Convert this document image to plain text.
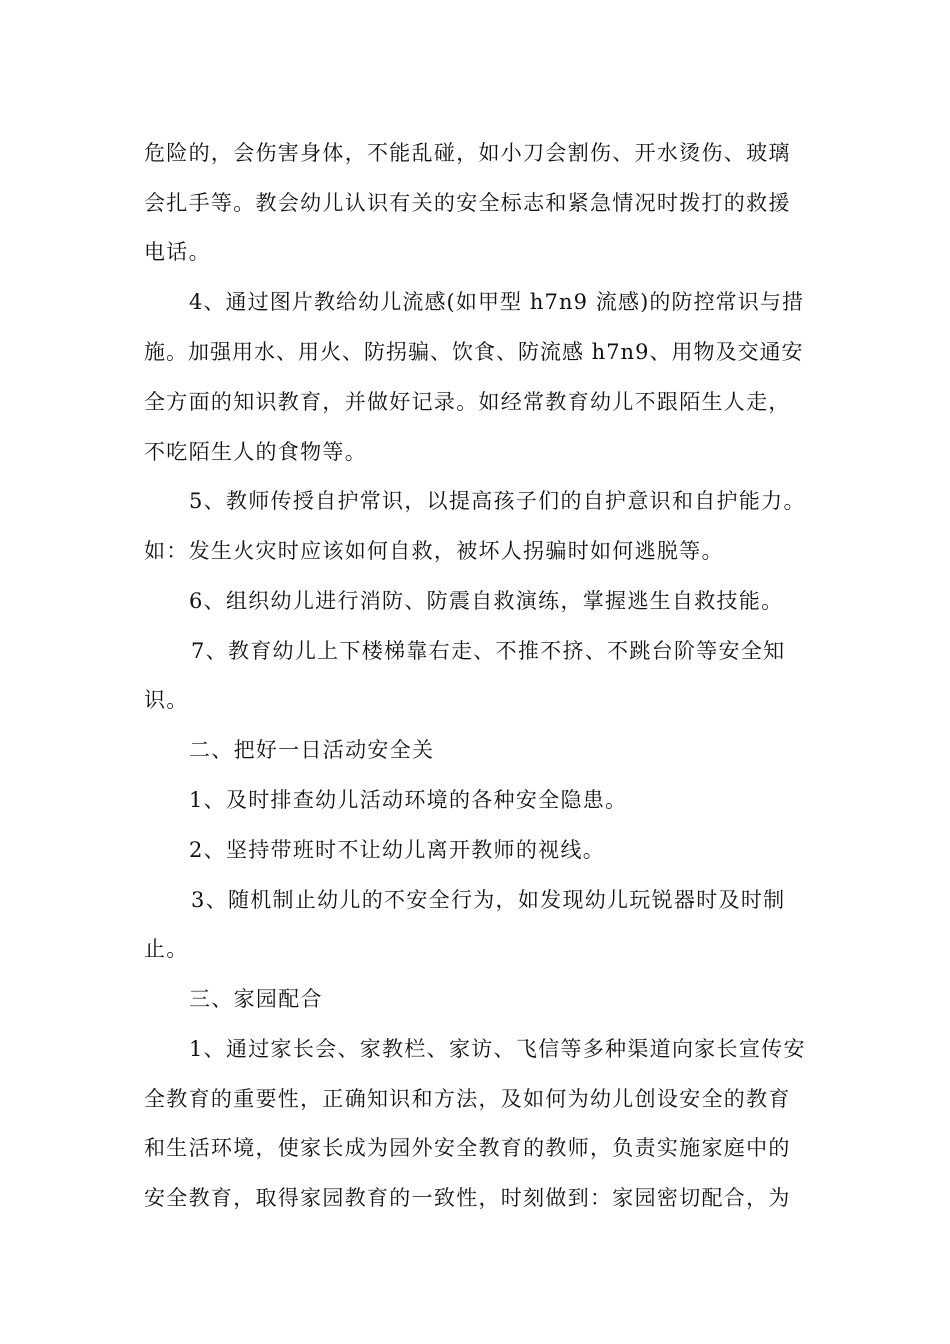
危险的，会伤害身体，不能乱碰，如小刀会割伤、开水烫伤、玻璃
会扎手等。教会幼儿认识有关的安全标志和紧急情况时拨打的救援
电话。
4、通过图片教给幼儿流感(如甲型 h7n9 流感)的防控常识与措
施。加强用水、用火、防拐骗、饮食、防流感 h7n9、用物及交通安
全方面的知识教育，并做好记录。如经常教育幼儿不跟陌生人走，
不吃陌生人的食物等。
5、教师传授自护常识，以提高孩子们的自护意识和自护能力。
如：发生火灾时应该如何自救，被坏人拐骗时如何逃脱等。
6、组织幼儿进行消防、防震自救演练，掌握逃生自救技能。
7、教育幼儿上下楼梯靠右走、不推不挤、不跳台阶等安全知
识。
二、把好一日活动安全关
1、及时排查幼儿活动环境的各种安全隐患。
2、坚持带班时不让幼儿离开教师的视线。
3、随机制止幼儿的不安全行为，如发现幼儿玩锐器时及时制
止。
三、家园配合
1、通过家长会、家教栏、家访、飞信等多种渠道向家长宣传安
全教育的重要性，正确知识和方法，及如何为幼儿创设安全的教育
和生活环境，使家长成为园外安全教育的教师，负责实施家庭中的
安全教育，取得家园教育的一致性，时刻做到：家园密切配合，为
